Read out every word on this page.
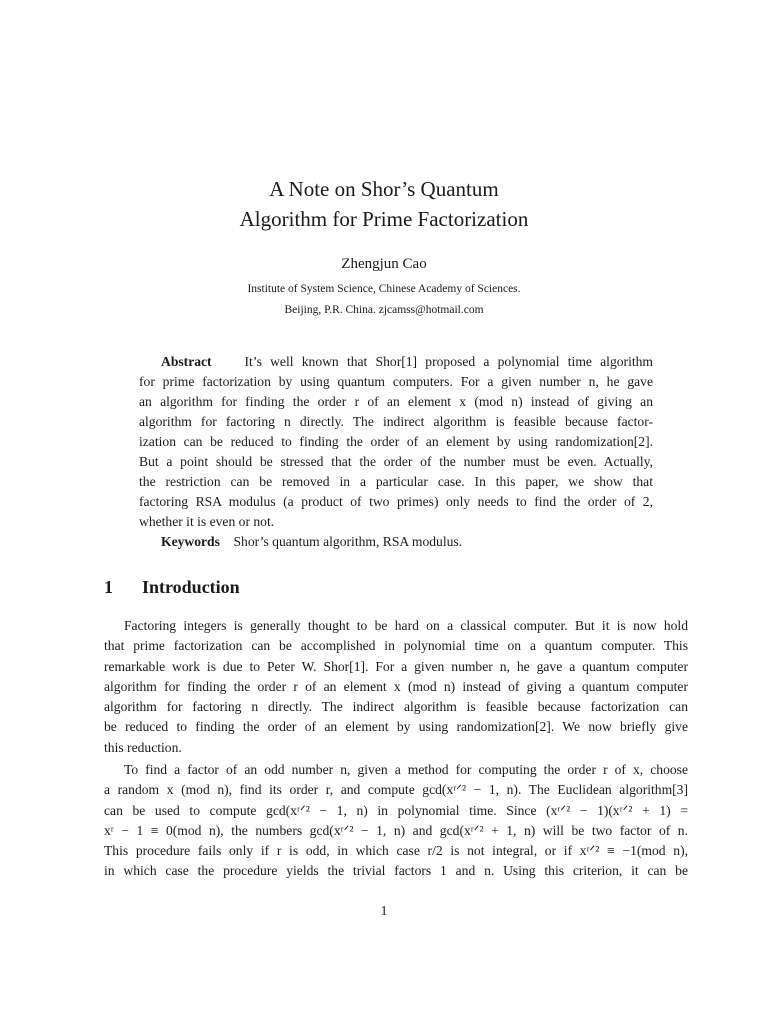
A Note on Shor’s Quantum
Algorithm for Prime Factorization
Zhengjun Cao
Institute of System Science, Chinese Academy of Sciences.
Beijing, P.R. China. zjcamss@hotmail.com
Abstract It’s well known that Shor[1] proposed a polynomial time algorithm
for prime factorization by using quantum computers. For a given number n, he gave
an algorithm for finding the order r of an element x (mod n) instead of giving an
algorithm for factoring n directly. The indirect algorithm is feasible because factor-
ization can be reduced to finding the order of an element by using randomization[2].
But a point should be stressed that the order of the number must be even. Actually,
the restriction can be removed in a particular case. In this paper, we show that
factoring RSA modulus (a product of two primes) only needs to find the order of 2,
whether it is even or not.
Keywords Shor’s quantum algorithm, RSA modulus.
1 Introduction
Factoring integers is generally thought to be hard on a classical computer. But it is now hold
that prime factorization can be accomplished in polynomial time on a quantum computer. This
remarkable work is due to Peter W. Shor[1]. For a given number n, he gave a quantum computer
algorithm for finding the order r of an element x (mod n) instead of giving a quantum computer
algorithm for factoring n directly. The indirect algorithm is feasible because factorization can
be reduced to finding the order of an element by using randomization[2]. We now briefly give
this reduction.
To find a factor of an odd number n, given a method for computing the order r of x, choose
a random x (mod n), find its order r, and compute gcd(xʳᐟ² − 1, n). The Euclidean algorithm[3]
can be used to compute gcd(xʳᐟ² − 1, n) in polynomial time. Since (xʳᐟ² − 1)(xʳᐟ² + 1) =
xʳ − 1 ≡ 0(mod n), the numbers gcd(xʳᐟ² − 1, n) and gcd(xʳᐟ² + 1, n) will be two factor of n.
This procedure fails only if r is odd, in which case r/2 is not integral, or if xʳᐟ² ≡ −1(mod n),
in which case the procedure yields the trivial factors 1 and n. Using this criterion, it can be
1
